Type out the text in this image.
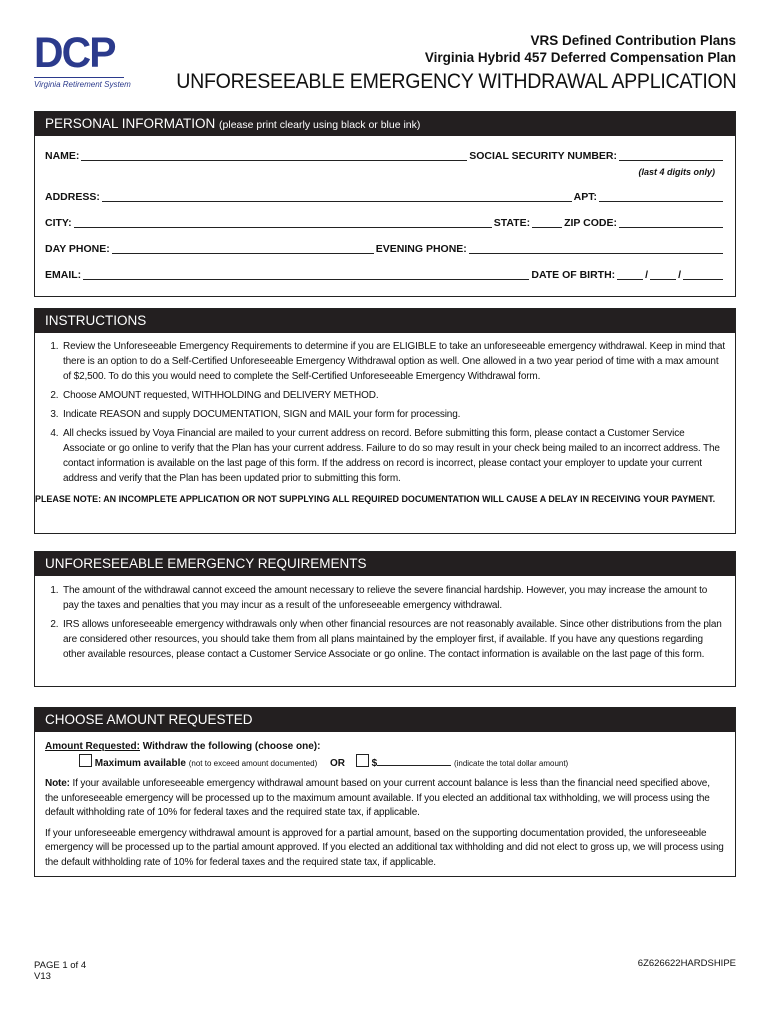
DCP
Virginia Retirement System
VRS Defined Contribution Plans
Virginia Hybrid 457 Deferred Compensation Plan
UNFORESEEABLE EMERGENCY WITHDRAWAL APPLICATION
PERSONAL INFORMATION (please print clearly using black or blue ink)
NAME:	SOCIAL SECURITY NUMBER:
(last 4 digits only)
ADDRESS:	APT:
CITY:	STATE:	ZIP CODE:
DAY PHONE:	EVENING PHONE:
EMAIL:	DATE OF BIRTH:	/	/
INSTRUCTIONS
1. Review the Unforeseeable Emergency Requirements to determine if you are ELIGIBLE to take an unforeseeable emergency withdrawal. Keep in mind that there is an option to do a Self-Certified Unforeseeable Emergency Withdrawal option as well. One allowed in a two year period of time with a max amount of $2,500. To do this you would need to complete the Self-Certified Unforeseeable Emergency Withdrawal form.
2. Choose AMOUNT requested, WITHHOLDING and DELIVERY METHOD.
3. Indicate REASON and supply DOCUMENTATION, SIGN and MAIL your form for processing.
4. All checks issued by Voya Financial are mailed to your current address on record. Before submitting this form, please contact a Customer Service Associate or go online to verify that the Plan has your current address. Failure to do so may result in your check being mailed to an incorrect address. The contact information is available on the last page of this form. If the address on record is incorrect, please contact your employer to update your current address and verify that the Plan has been updated prior to submitting this form.
PLEASE NOTE: AN INCOMPLETE APPLICATION OR NOT SUPPLYING ALL REQUIRED DOCUMENTATION WILL CAUSE A DELAY IN RECEIVING YOUR PAYMENT.
UNFORESEEABLE EMERGENCY REQUIREMENTS
1. The amount of the withdrawal cannot exceed the amount necessary to relieve the severe financial hardship. However, you may increase the amount to pay the taxes and penalties that you may incur as a result of the unforeseeable emergency withdrawal.
2. IRS allows unforeseeable emergency withdrawals only when other financial resources are not reasonably available. Since other distributions from the plan are considered other resources, you should take them from all plans maintained by the employer first, if available. If you have any questions regarding other available resources, please contact a Customer Service Associate or go online. The contact information is available on the last page of this form.
CHOOSE AMOUNT REQUESTED
Amount Requested: Withdraw the following (choose one):
Maximum available (not to exceed amount documented) OR	$	(indicate the total dollar amount)

Note: If your available unforeseeable emergency withdrawal amount based on your current account balance is less than the financial need specified above, the unforeseeable emergency will be processed up to the maximum amount available. If you elected an additional tax withholding, we will process using the default withholding rate of 10% for federal taxes and the required state tax, if applicable.

If your unforeseeable emergency withdrawal amount is approved for a partial amount, based on the supporting documentation provided, the unforeseeable emergency will be processed up to the partial amount approved. If you elected an additional tax withholding and did not elect to gross up, we will process using the default withholding rate of 10% for federal taxes and the required state tax, if applicable.

PAGE 1 of 4
V13
6Z626622HARDSHIPE
